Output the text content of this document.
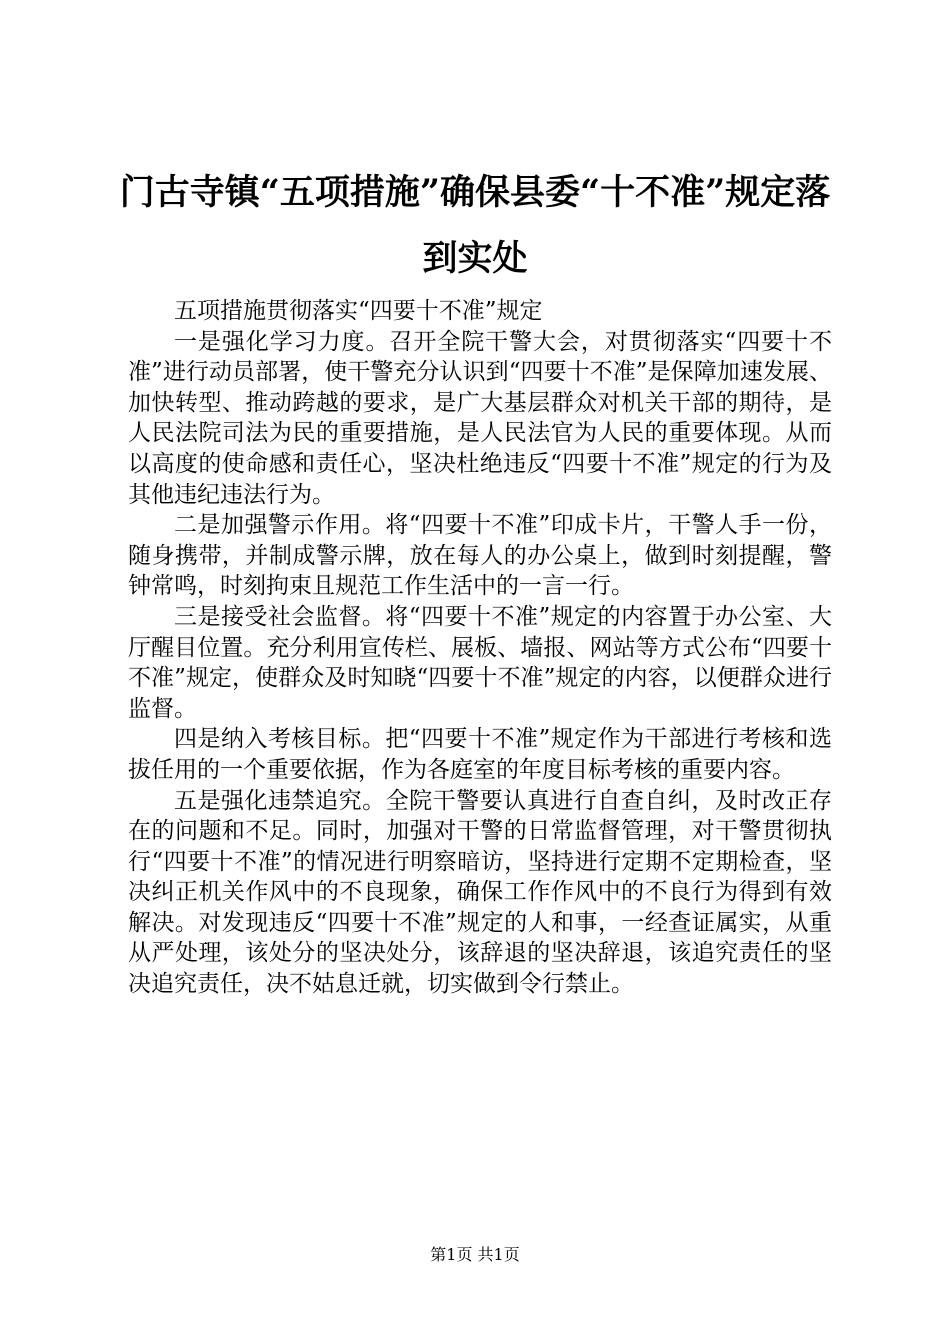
门古寺镇“五项措施”确保县委“十不准”规定落到实处

五项措施贯彻落实“四要十不准”规定

一是强化学习力度。召开全院干警大会，对贯彻落实“四要十不准”进行动员部署，使干警充分认识到“四要十不准”是保障加速发展、加快转型、推动跨越的要求，是广大基层群众对机关干部的期待，是人民法院司法为民的重要措施，是人民法官为人民的重要体现。从而以高度的使命感和责任心，坚决杜绝违反“四要十不准”规定的行为及其他违纪违法行为。

二是加强警示作用。将“四要十不准”印成卡片，干警人手一份，随身携带，并制成警示牌，放在每人的办公桌上，做到时刻提醒，警钟常鸣，时刻拘束且规范工作生活中的一言一行。

三是接受社会监督。将“四要十不准”规定的内容置于办公室、大厅醒目位置。充分利用宣传栏、展板、墙报、网站等方式公布“四要十不准”规定，使群众及时知晓“四要十不准”规定的内容，以便群众进行监督。

四是纳入考核目标。把“四要十不准”规定作为干部进行考核和选拔任用的一个重要依据，作为各庭室的年度目标考核的重要内容。

五是强化违禁追究。全院干警要认真进行自查自纠，及时改正存在的问题和不足。同时，加强对干警的日常监督管理，对干警贯彻执行“四要十不准”的情况进行明察暗访，坚持进行定期不定期检查，坚决纠正机关作风中的不良现象，确保工作作风中的不良行为得到有效解决。对发现违反“四要十不准”规定的人和事，一经查证属实，从重从严处理，该处分的坚决处分，该辞退的坚决辞退，该追究责任的坚决追究责任，决不姑息迁就，切实做到令行禁止。

第1页 共1页
